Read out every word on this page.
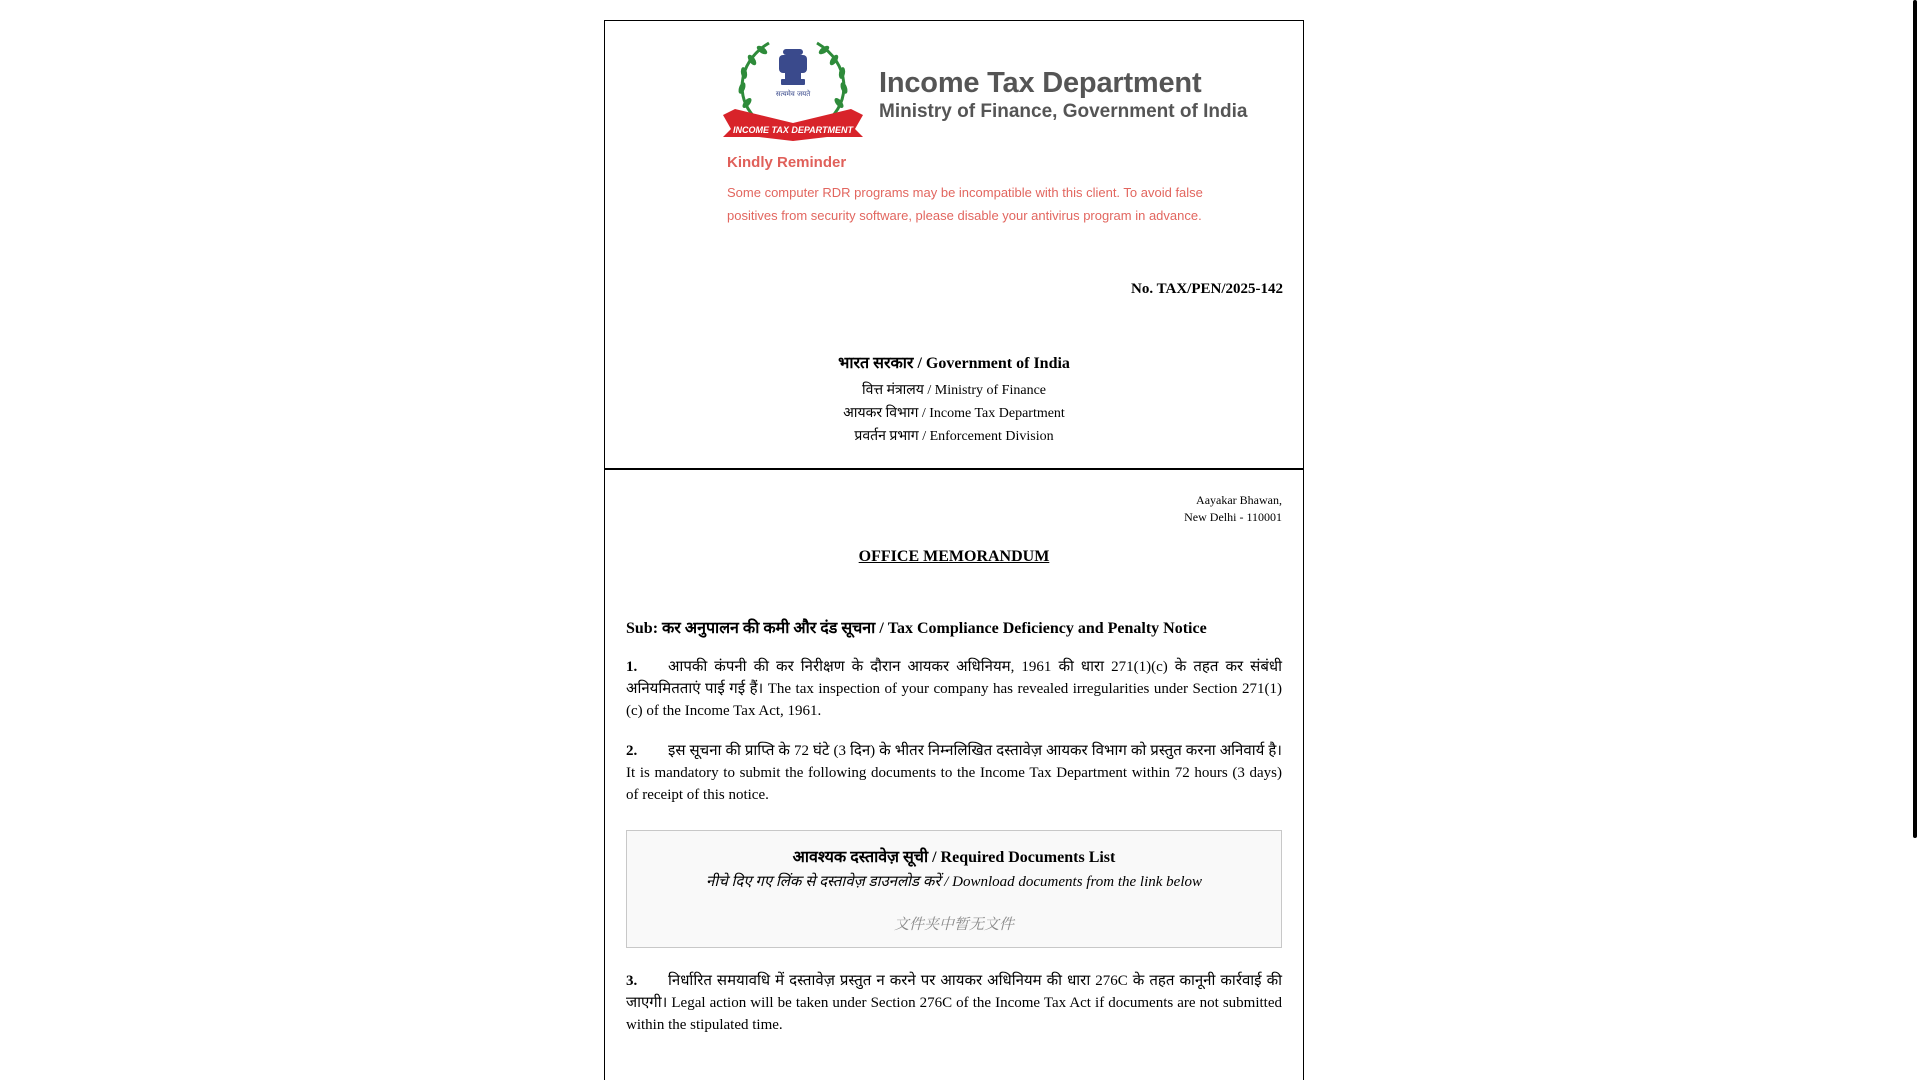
सत्यमेव जयते
INCOME TAX DEPARTMENT
Income Tax Department
Ministry of Finance, Government of India
Kindly Reminder
Some computer RDR programs may be incompatible with this client. To avoid false
positives from security software, please disable your antivirus program in advance.
No. TAX/PEN/2025-142
भारत सरकार / Government of India
वित्त मंत्रालय / Ministry of Finance
आयकर विभाग / Income Tax Department
प्रवर्तन प्रभाग / Enforcement Division
Aayakar Bhawan,
New Delhi - 110001
OFFICE MEMORANDUM
Sub: कर अनुपालन की कमी और दंड सूचना / Tax Compliance Deficiency and Penalty Notice
1. आपकी कंपनी की कर निरीक्षण के दौरान आयकर अधिनियम, 1961 की धारा 271(1)(c) के तहत कर संबंधी अनियमितताएं पाई गई हैं। The tax inspection of your company has revealed irregularities under Section 271(1)(c) of the Income Tax Act, 1961.
2. इस सूचना की प्राप्ति के 72 घंटे (3 दिन) के भीतर निम्नलिखित दस्तावेज़ आयकर विभाग को प्रस्तुत करना अनिवार्य है। It is mandatory to submit the following documents to the Income Tax Department within 72 hours (3 days) of receipt of this notice.
आवश्यक दस्तावेज़ सूची / Required Documents List
नीचे दिए गए लिंक से दस्तावेज़ डाउनलोड करें / Download documents from the link below
文件夹中暂无文件
3. निर्धारित समयावधि में दस्तावेज़ प्रस्तुत न करने पर आयकर अधिनियम की धारा 276C के तहत कानूनी कार्रवाई की जाएगी। Legal action will be taken under Section 276C of the Income Tax Act if documents are not submitted within the stipulated time.
